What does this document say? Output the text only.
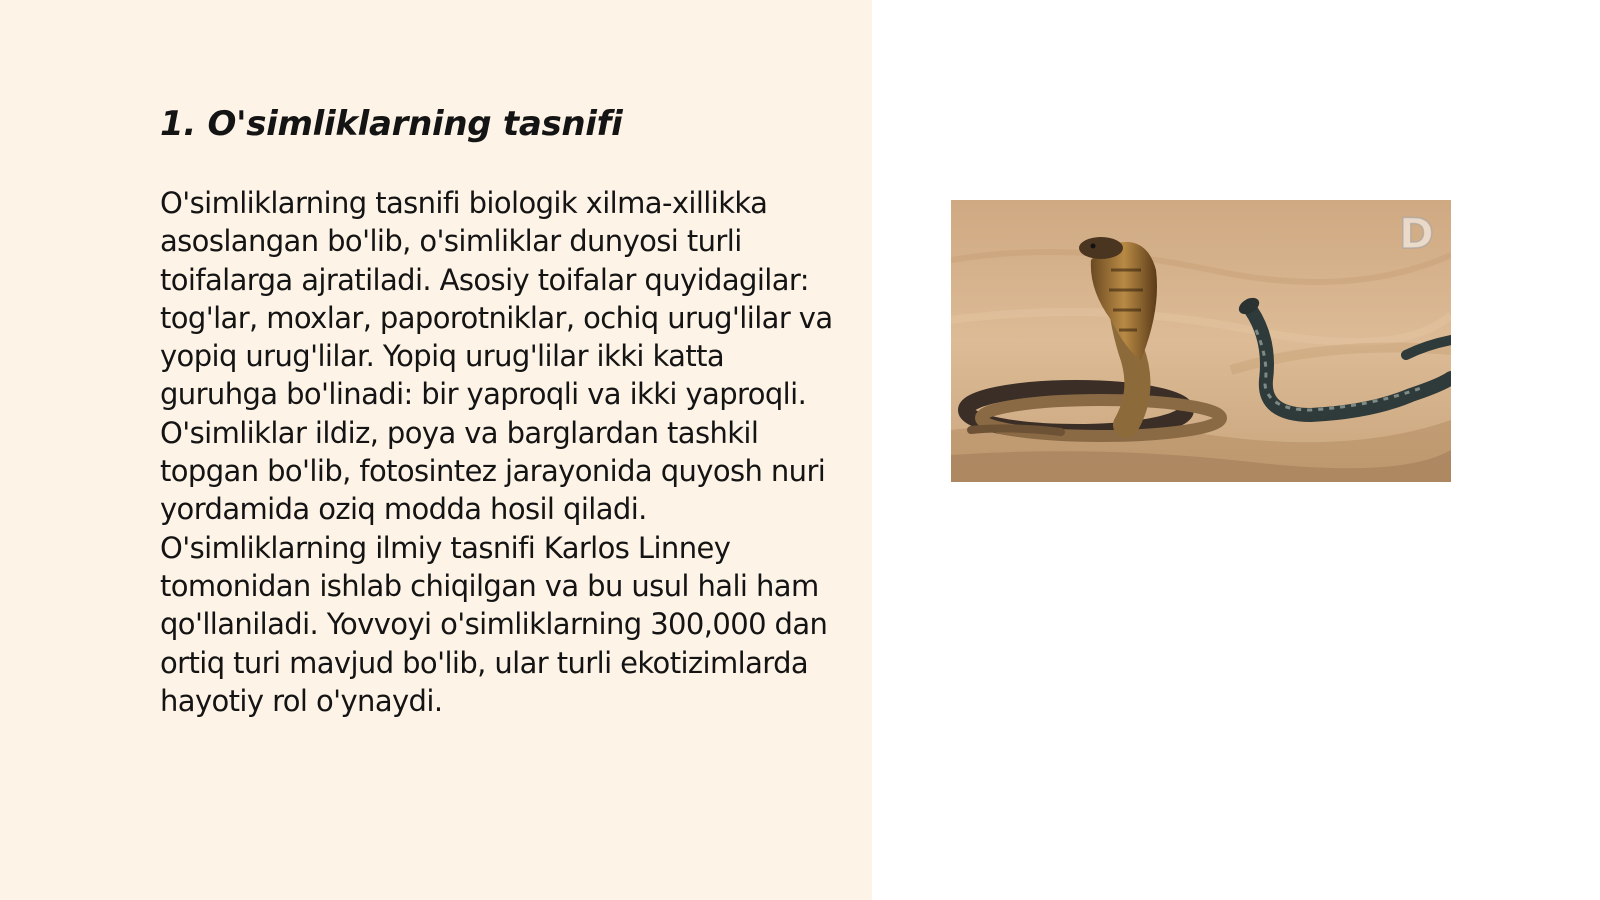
1. O'simliklarning tasnifi

O'simliklarning tasnifi biologik xilma-xillikka asoslangan bo'lib, o'simliklar dunyosi turli toifalarga ajratiladi. Asosiy toifalar quyidagilar: tog'lar, moxlar, paporotniklar, ochiq urug'lilar va yopiq urug'lilar. Yopiq urug'lilar ikki katta guruhga bo'linadi: bir yaproqli va ikki yaproqli. O'simliklar ildiz, poya va barglardan tashkil topgan bo'lib, fotosintez jarayonida quyosh nuri yordamida oziq modda hosil qiladi. O'simliklarning ilmiy tasnifi Karlos Linney tomonidan ishlab chiqilgan va bu usul hali ham qo'llaniladi. Yovvoyi o'simliklarning 300,000 dan ortiq turi mavjud bo'lib, ular turli ekotizimlarda hayotiy rol o'ynaydi.

D
